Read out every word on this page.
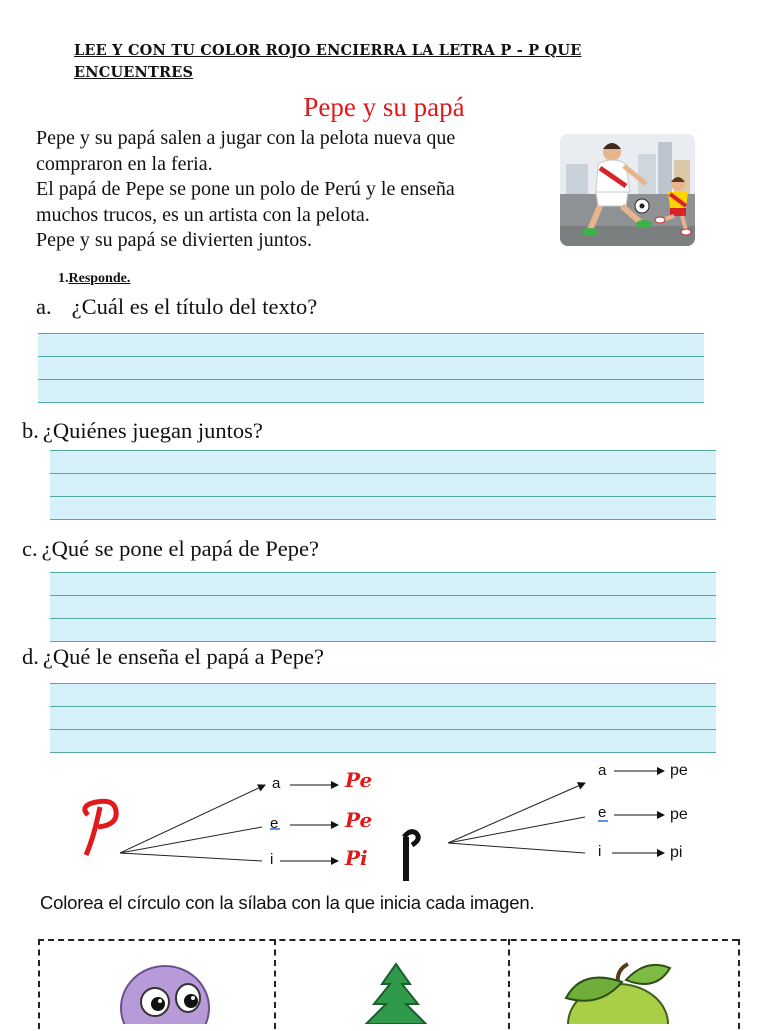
LEE Y CON TU COLOR ROJO ENCIERRA LA LETRA P - P QUE
ENCUENTRES
Pepe y su papá
Pepe y su papá salen a jugar con la pelota nueva que
compraron en la feria.
El papá de Pepe se pone un polo de Perú y le enseña
muchos trucos, es un artista con la pelota.
Pepe y su papá se divierten juntos.
1.Responde.
a. ¿Cuál es el título del texto?
b. ¿Quiénes juegan juntos?
c. ¿Qué se pone el papá de Pepe?
d. ¿Qué le enseña el papá a Pepe?
a
e
i
Pe
Pe
Pi
a
e
i
pe
pe
pi
Colorea el círculo con la sílaba con la que inicia cada imagen.
